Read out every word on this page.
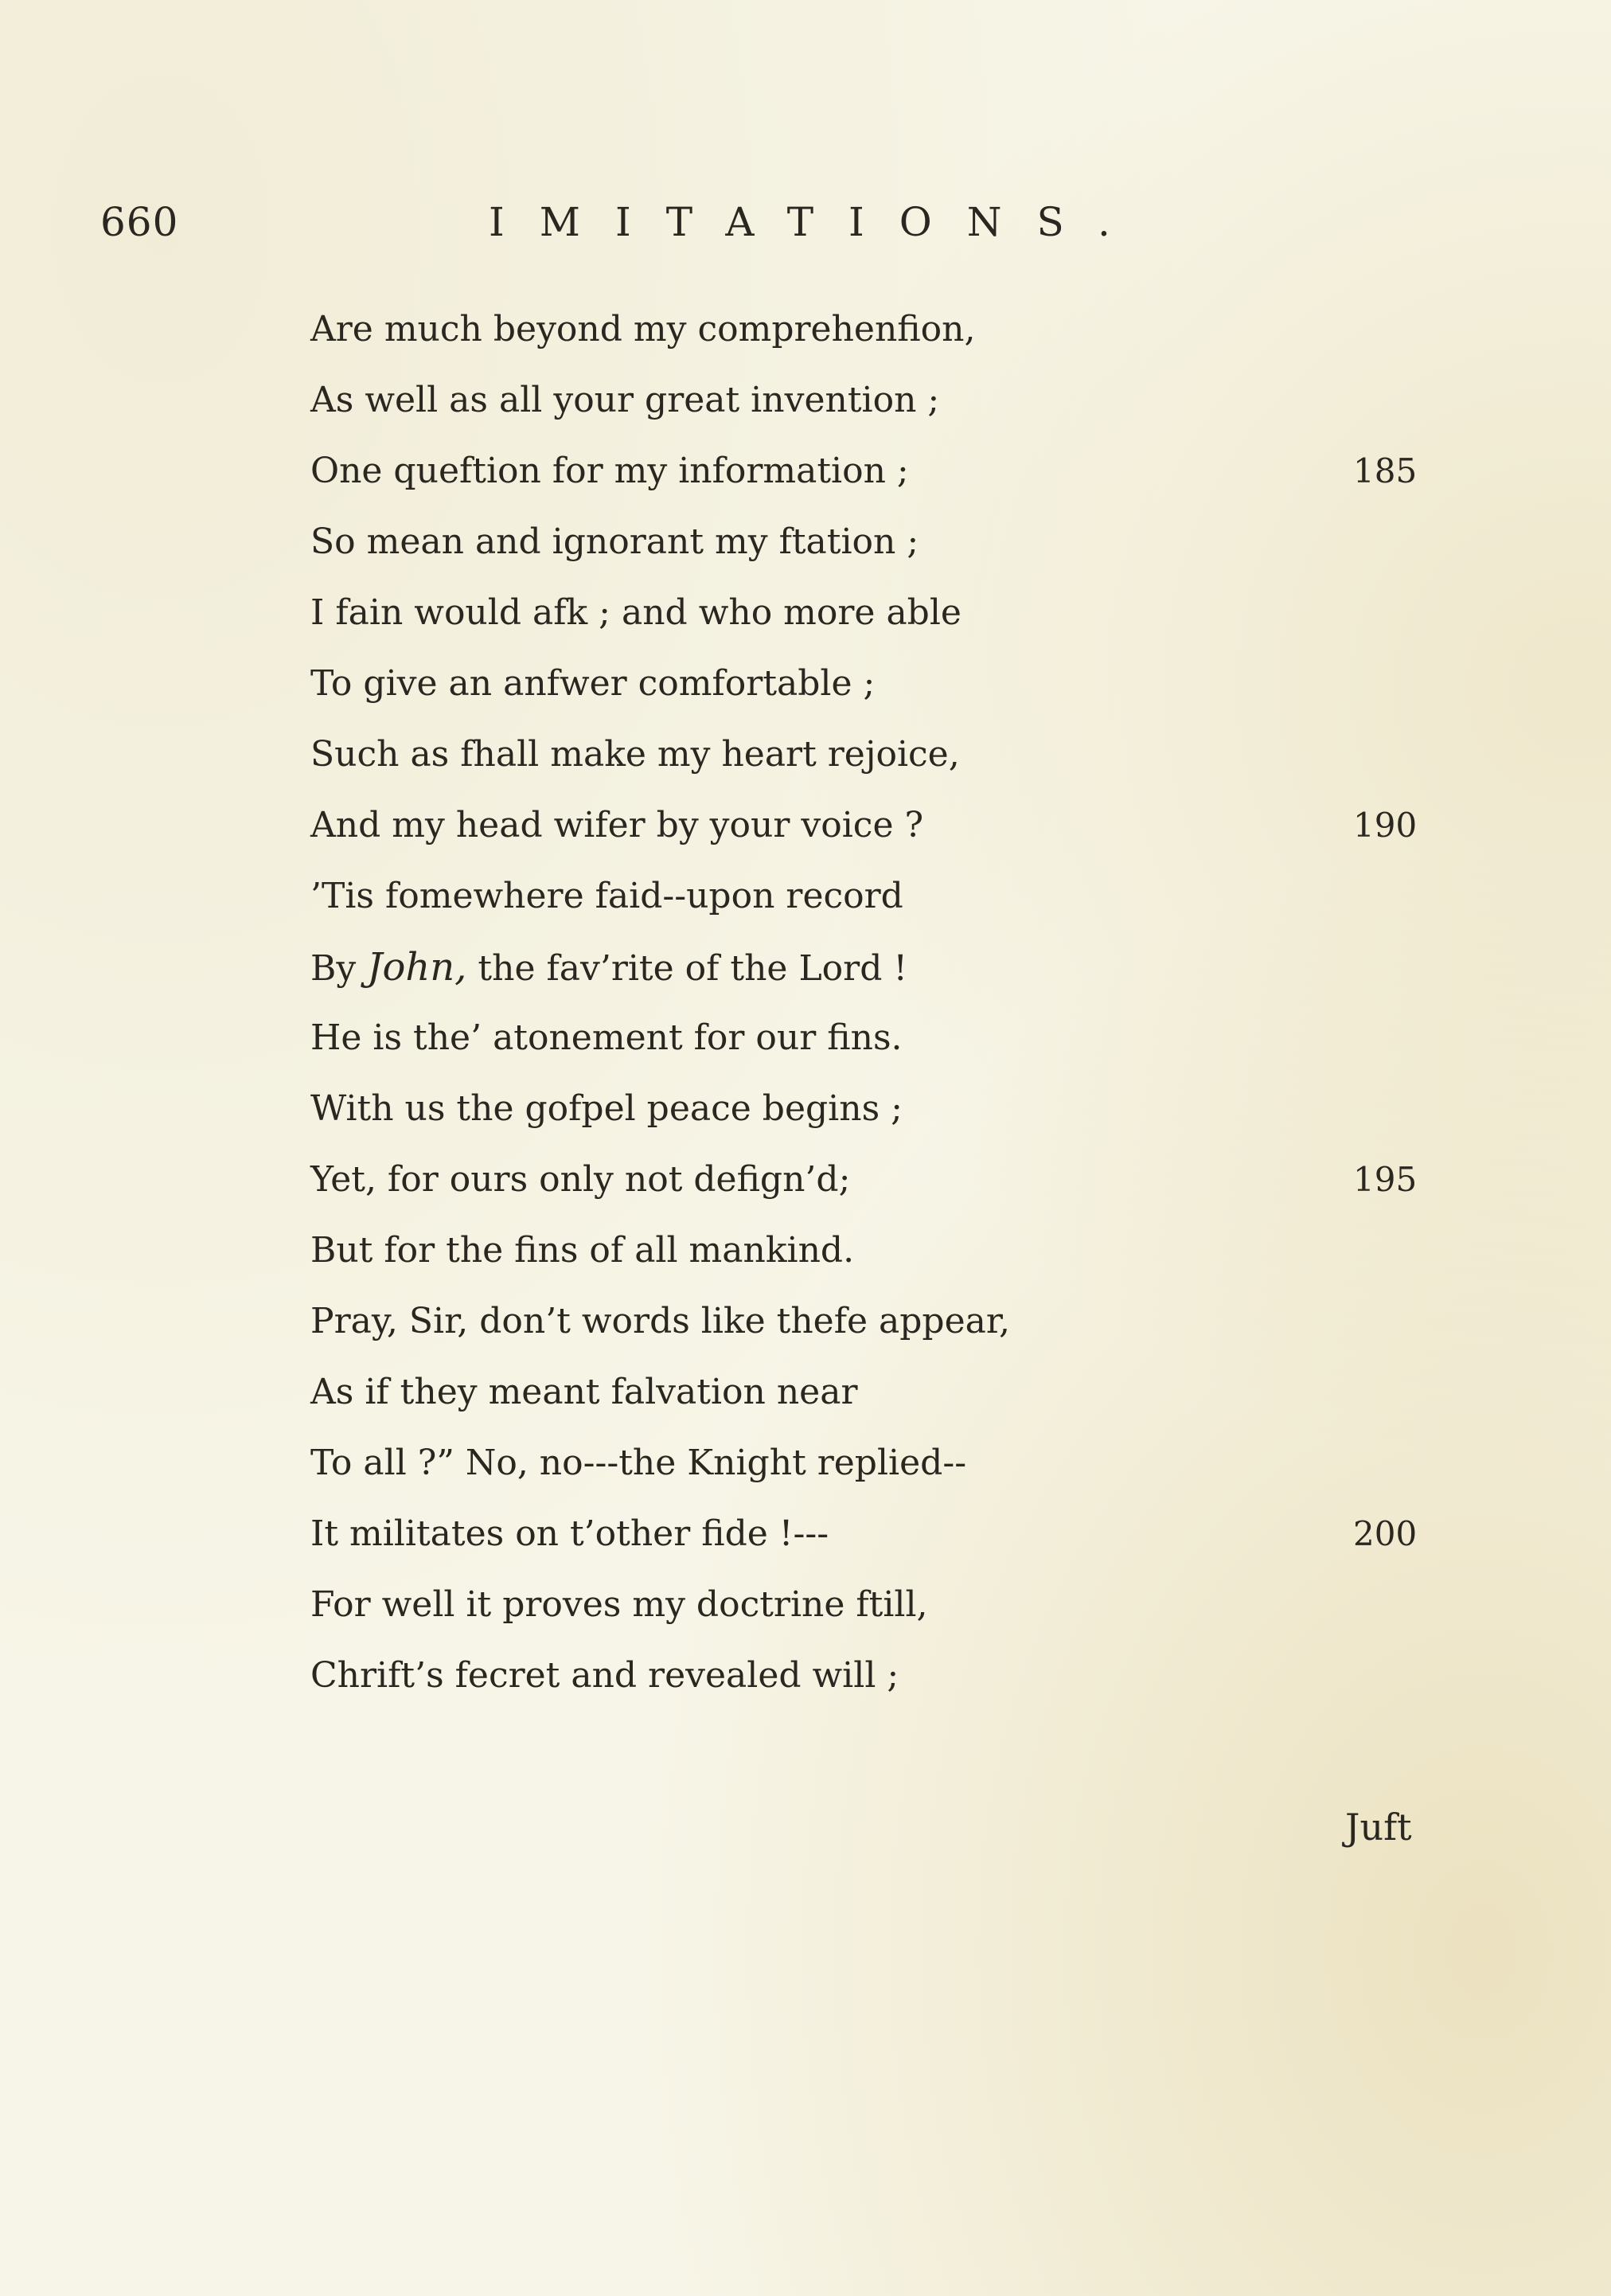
660	IMITATIONS.
Are much beyond my comprehenfion,
As well as all your great invention ;
One queftion for my information ;
So mean and ignorant my ftation ;
I fain would afk ; and who more able
To give an anfwer comfortable ;
Such as fhall make my heart rejoice,
And my head wifer by your voice ?
’Tis fomewhere faid--upon record
By John, the fav’rite of the Lord !
He is the’ atonement for our fins.
With us the gofpel peace begins ;
Yet, for ours only not defign’d;
But for the fins of all mankind.
Pray, Sir, don’t words like thefe appear,
As if they meant falvation near
To all ?” No, no---the Knight replied--
It militates on t’other fide !---
For well it proves my doctrine ftill,
Chrift’s fecret and revealed will ;
185
190
195
200
Juft
